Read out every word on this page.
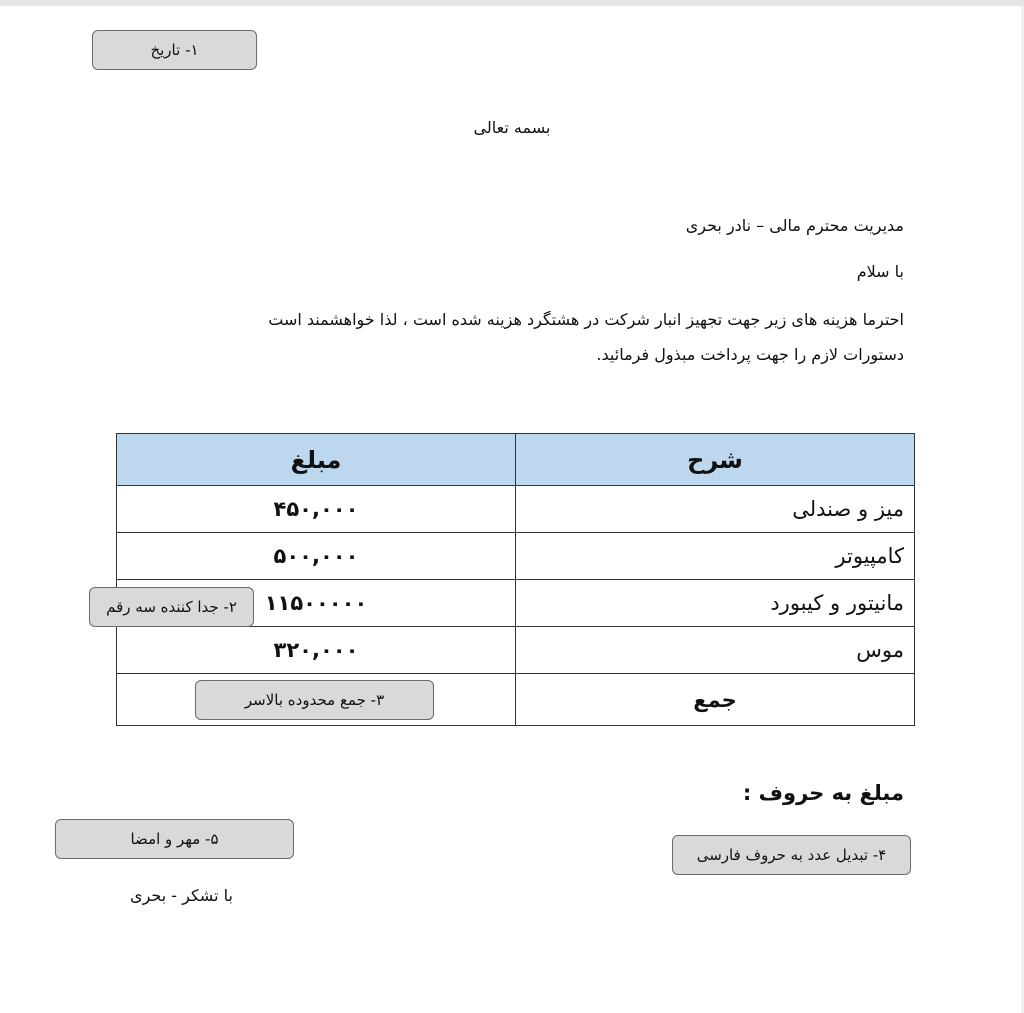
۱- تاریخ
بسمه تعالی
مدیریت محترم مالی – نادر بحری
با سلام
احترما هزینه های زیر جهت تجهیز انبار شرکت در هشتگرد هزینه شده است ، لذا خواهشمند است
دستورات لازم را جهت پرداخت مبذول فرمائید.
شرح	مبلغ
میز و صندلی	۴۵۰,۰۰۰
کامپیوتر	۵۰۰,۰۰۰
مانیتور و کیبورد	۱۱۵۰۰۰۰۰
موس	۳۲۰,۰۰۰
جمع	
۲- جدا کننده سه رقم
۳- جمع محدوده بالاسر
مبلغ به حروف :
۵- مهر و امضا
۴- تبدیل عدد به حروف فارسی
با تشکر - بحری
